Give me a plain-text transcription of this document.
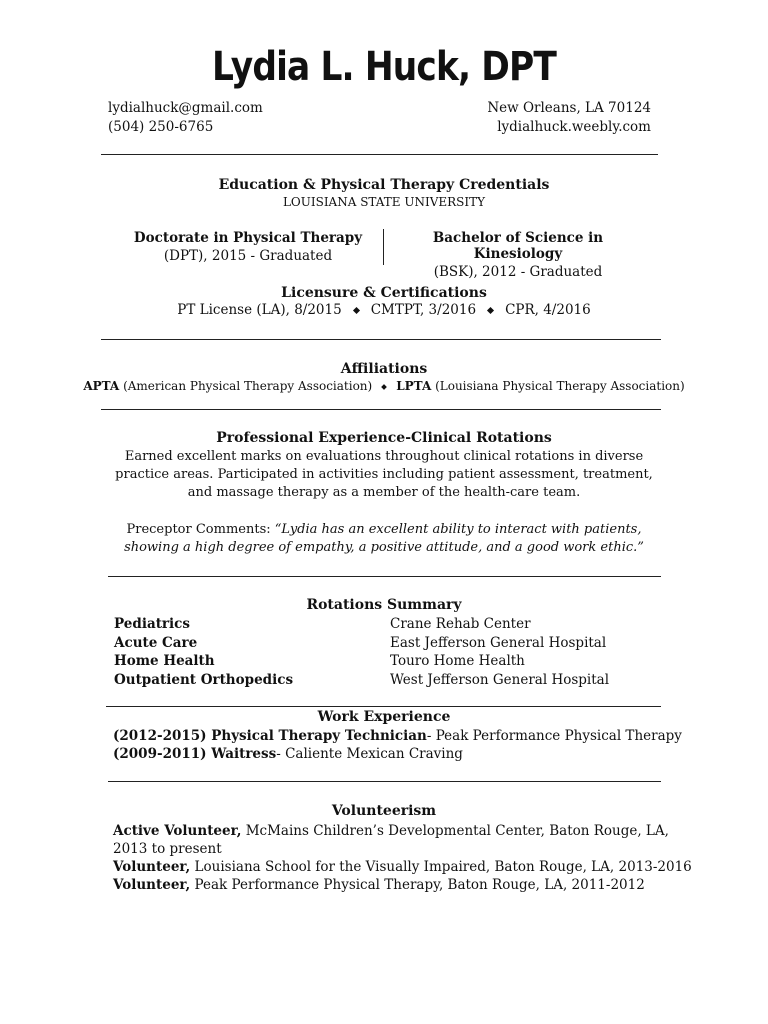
Lydia L. Huck, DPT
lydialhuck@gmail.com
(504) 250-6765
New Orleans, LA 70124
lydialhuck.weebly.com
Education & Physical Therapy Credentials
LOUISIANA STATE UNIVERSITY
Doctorate in Physical Therapy
(DPT), 2015 - Graduated
Bachelor of Science in Kinesiology
(BSK), 2012 - Graduated
Licensure & Certifications
PT License (LA), 8/2015 CMTPT, 3/2016 CPR, 4/2016
Affiliations
APTA (American Physical Therapy Association) LPTA (Louisiana Physical Therapy Association)
Professional Experience-Clinical Rotations
Earned excellent marks on evaluations throughout clinical rotations in diverse
practice areas. Participated in activities including patient assessment, treatment,
and massage therapy as a member of the health-care team.
Preceptor Comments: “Lydia has an excellent ability to interact with patients,
showing a high degree of empathy, a positive attitude, and a good work ethic.”
Rotations Summary
Pediatrics	Crane Rehab Center
Acute Care	East Jefferson General Hospital
Home Health	Touro Home Health
Outpatient Orthopedics	West Jefferson General Hospital
Work Experience
(2012-2015) Physical Therapy Technician- Peak Performance Physical Therapy
(2009-2011) Waitress- Caliente Mexican Craving
Volunteerism
Active Volunteer, McMains Children’s Developmental Center, Baton Rouge, LA,
2013 to present
Volunteer, Louisiana School for the Visually Impaired, Baton Rouge, LA, 2013-2016
Volunteer, Peak Performance Physical Therapy, Baton Rouge, LA, 2011-2012
